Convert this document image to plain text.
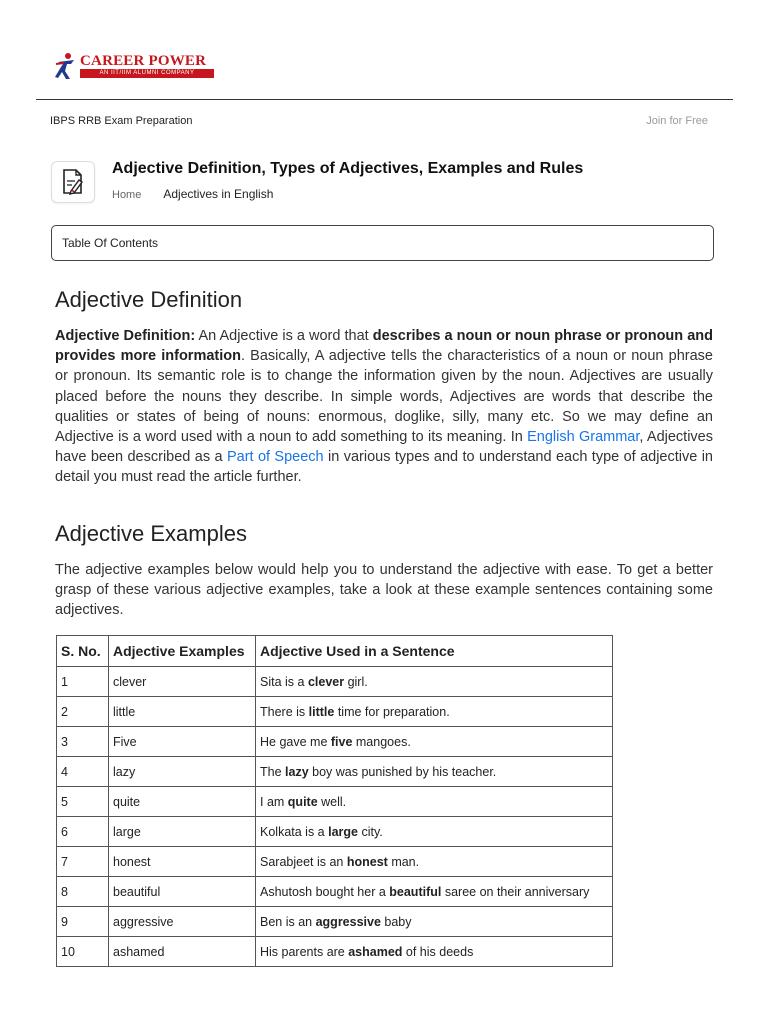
CAREER POWER
AN IIT/IIM ALUMNI COMPANY
IBPS RRB Exam Preparation	Join for Free
Adjective Definition, Types of Adjectives, Examples and Rules
Home Adjectives in English
Table Of Contents
Adjective Definition

Adjective Definition: An Adjective is a word that describes a noun or noun phrase or pronoun and provides more information. Basically, A adjective tells the characteristics of a noun or noun phrase or pronoun. Its semantic role is to change the information given by the noun. Adjectives are usually placed before the nouns they describe. In simple words, Adjectives are words that describe the qualities or states of being of nouns: enormous, doglike, silly, many etc. So we may define an Adjective is a word used with a noun to add something to its meaning. In English Grammar, Adjectives have been described as a Part of Speech in various types and to understand each type of adjective in detail you must read the article further.

Adjective Examples

The adjective examples below would help you to understand the adjective with ease. To get a better grasp of these various adjective examples, take a look at these example sentences containing some adjectives.

S. No.	Adjective Examples	Adjective Used in a Sentence
1	clever	Sita is a clever girl.
2	little	There is little time for preparation.
3	Five	He gave me five mangoes.
4	lazy	The lazy boy was punished by his teacher.
5	quite	I am quite well.
6	large	Kolkata is a large city.
7	honest	Sarabjeet is an honest man.
8	beautiful	Ashutosh bought her a beautiful saree on their anniversary
9	aggressive	Ben is an aggressive baby
10	ashamed	His parents are ashamed of his deeds
